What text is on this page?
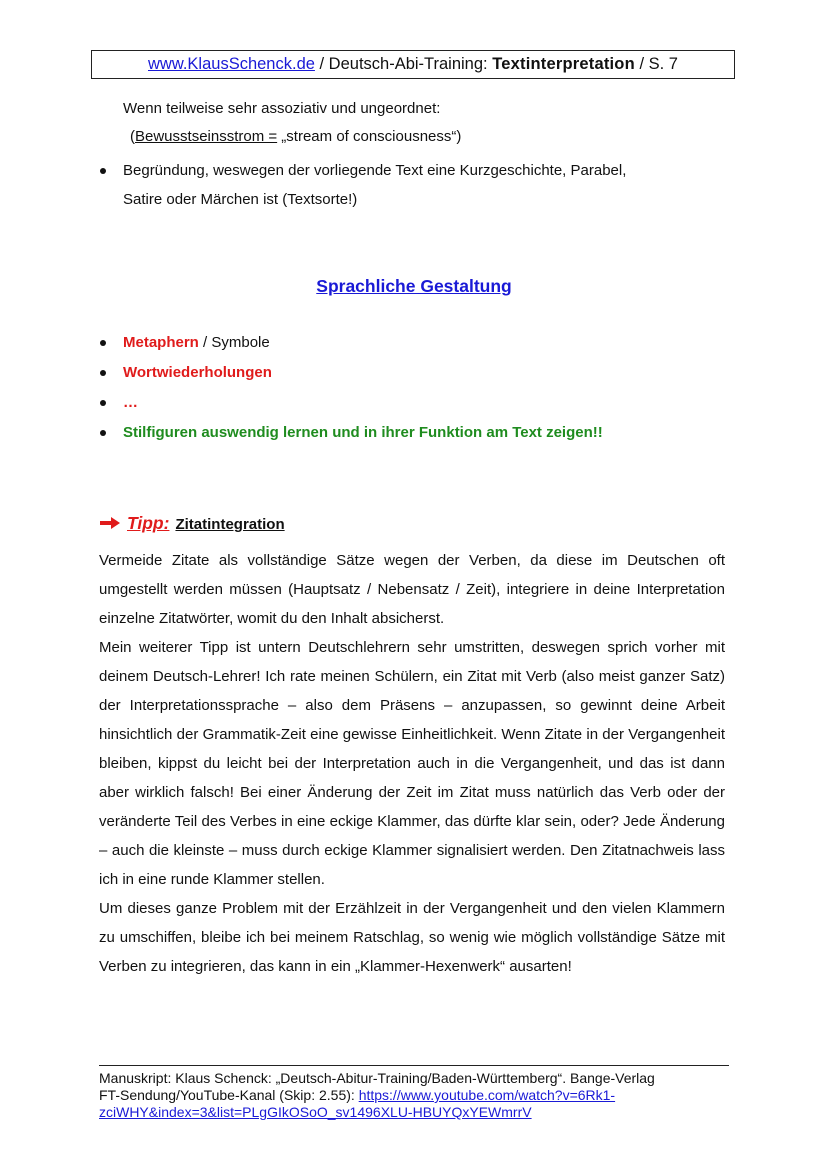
www.KlausSchenck.de / Deutsch-Abi-Training: Textinterpretation / S. 7
Wenn teilweise sehr assoziativ und ungeordnet:
(Bewusstseinsstrom = „stream of consciousness“)
Begründung, weswegen der vorliegende Text eine Kurzgeschichte, Parabel,
Satire oder Märchen ist (Textsorte!)
Sprachliche Gestaltung
Metaphern / Symbole
Wortwiederholungen
…
Stilfiguren auswendig lernen und in ihrer Funktion am Text zeigen!!
Tipp: Zitatintegration

Vermeide Zitate als vollständige Sätze wegen der Verben, da diese im Deutschen oft umgestellt werden müssen (Hauptsatz / Nebensatz / Zeit), integriere in deine Interpretation einzelne Zitatwörter, womit du den Inhalt absicherst.

Mein weiterer Tipp ist untern Deutschlehrern sehr umstritten, deswegen sprich vorher mit deinem Deutsch-Lehrer! Ich rate meinen Schülern, ein Zitat mit Verb (also meist ganzer Satz) der Interpretationssprache – also dem Präsens – anzupassen, so gewinnt deine Arbeit hinsichtlich der Grammatik-Zeit eine gewisse Einheitlichkeit. Wenn Zitate in der Vergangenheit bleiben, kippst du leicht bei der Interpretation auch in die Vergangenheit, und das ist dann aber wirklich falsch! Bei einer Änderung der Zeit im Zitat muss natürlich das Verb oder der veränderte Teil des Verbes in eine eckige Klammer, das dürfte klar sein, oder? Jede Änderung – auch die kleinste – muss durch eckige Klammer signalisiert werden. Den Zitatnachweis lass ich in eine runde Klammer stellen.

Um dieses ganze Problem mit der Erzählzeit in der Vergangenheit und den vielen Klammern zu umschiffen, bleibe ich bei meinem Ratschlag, so wenig wie möglich vollständige Sätze mit Verben zu integrieren, das kann in ein „Klammer-Hexenwerk“ ausarten!

Manuskript: Klaus Schenck: „Deutsch-Abitur-Training/Baden-Württemberg“. Bange-Verlag
FT-Sendung/YouTube-Kanal (Skip: 2.55): https://www.youtube.com/watch?v=6Rk1-
zciWHY&index=3&list=PLgGIkOSoO_sv1496XLU-HBUYQxYEWmrrV
